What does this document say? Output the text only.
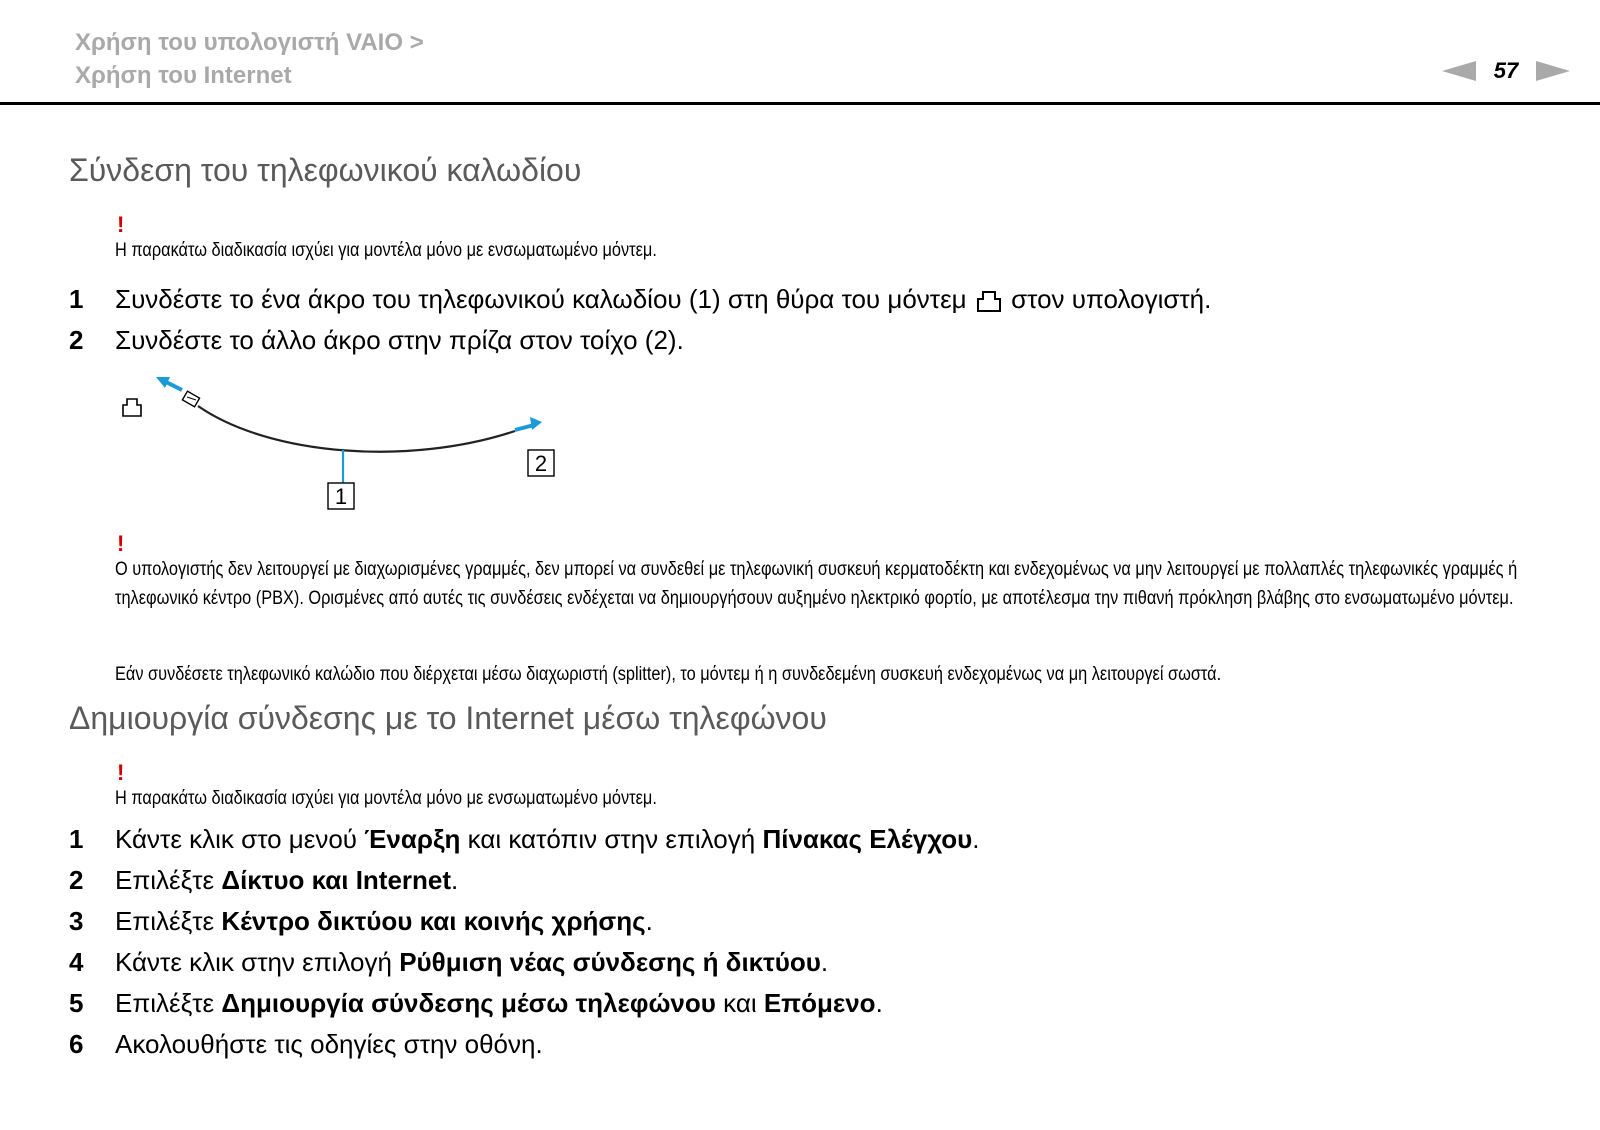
Χρήση του υπολογιστή VAIO >
Χρήση του Internet	57
Σύνδεση του τηλεφωνικού καλωδίου
!
Η παρακάτω διαδικασία ισχύει για μοντέλα μόνο με ενσωματωμένο μόντεμ.
1	Συνδέστε το ένα άκρο του τηλεφωνικού καλωδίου (1) στη θύρα του μόντεμ στον υπολογιστή.
2	Συνδέστε το άλλο άκρο στην πρίζα στον τοίχο (2).
1
2
!
Ο υπολογιστής δεν λειτουργεί με διαχωρισμένες γραμμές, δεν μπορεί να συνδεθεί με τηλεφωνική συσκευή κερματοδέκτη και ενδεχομένως να μην λειτουργεί με πολλαπλές τηλεφωνικές γραμμές ή τηλεφωνικό κέντρο (PBX). Ορισμένες από αυτές τις συνδέσεις ενδέχεται να δημιουργήσουν αυξημένο ηλεκτρικό φορτίο, με αποτέλεσμα την πιθανή πρόκληση βλάβης στο ενσωματωμένο μόντεμ.
Εάν συνδέσετε τηλεφωνικό καλώδιο που διέρχεται μέσω διαχωριστή (splitter), το μόντεμ ή η συνδεδεμένη συσκευή ενδεχομένως να μη λειτουργεί σωστά.
Δημιουργία σύνδεσης με το Internet μέσω τηλεφώνου
!
Η παρακάτω διαδικασία ισχύει για μοντέλα μόνο με ενσωματωμένο μόντεμ.
1	Κάντε κλικ στο μενού Έναρξη και κατόπιν στην επιλογή Πίνακας Ελέγχου.
2	Επιλέξτε Δίκτυο και Internet.
3	Επιλέξτε Κέντρο δικτύου και κοινής χρήσης.
4	Κάντε κλικ στην επιλογή Ρύθμιση νέας σύνδεσης ή δικτύου.
5	Επιλέξτε Δημιουργία σύνδεσης μέσω τηλεφώνου και Επόμενο.
6	Ακολουθήστε τις οδηγίες στην οθόνη.
